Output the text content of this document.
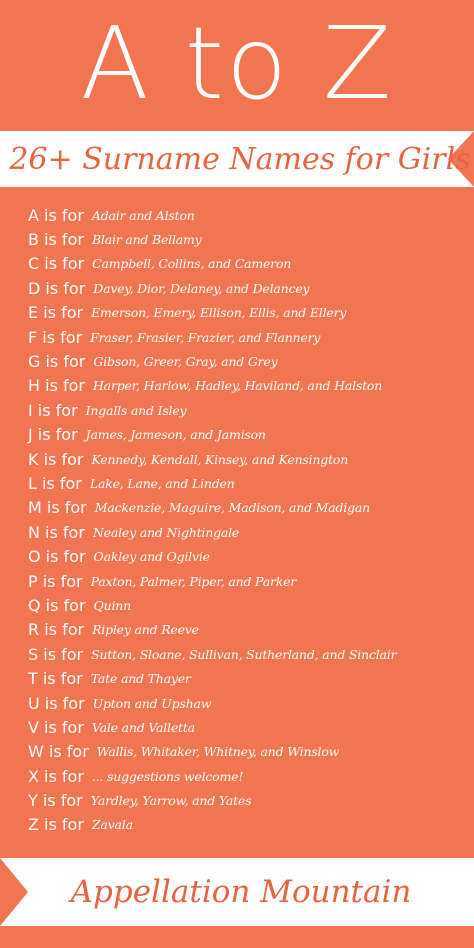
A to Z
26+ Surname Names for Girls
A is for Adair and Alston
B is for Blair and Bellamy
C is for Campbell, Collins, and Cameron
D is for Davey, Dior, Delaney, and Delancey
E is for Emerson, Emery, Ellison, Ellis, and Ellery
F is for Fraser, Frasier, Frazier, and Flannery
G is for Gibson, Greer, Gray, and Grey
H is for Harper, Harlow, Hadley, Haviland, and Halston
I is for Ingalls and Isley
J is for James, Jameson, and Jamison
K is for Kennedy, Kendall, Kinsey, and Kensington
L is for Lake, Lane, and Linden
M is for Mackenzie, Maguire, Madison, and Madigan
N is for Nealey and Nightingale
O is for Oakley and Ogilvie
P is for Paxton, Palmer, Piper, and Parker
Q is for Quinn
R is for Ripley and Reeve
S is for Sutton, Sloane, Sullivan, Sutherland, and Sinclair
T is for Tate and Thayer
U is for Upton and Upshaw
V is for Vale and Valletta
W is for Wallis, Whitaker, Whitney, and Winslow
X is for ... suggestions welcome!
Y is for Yardley, Yarrow, and Yates
Z is for Zavala
Appellation Mountain
